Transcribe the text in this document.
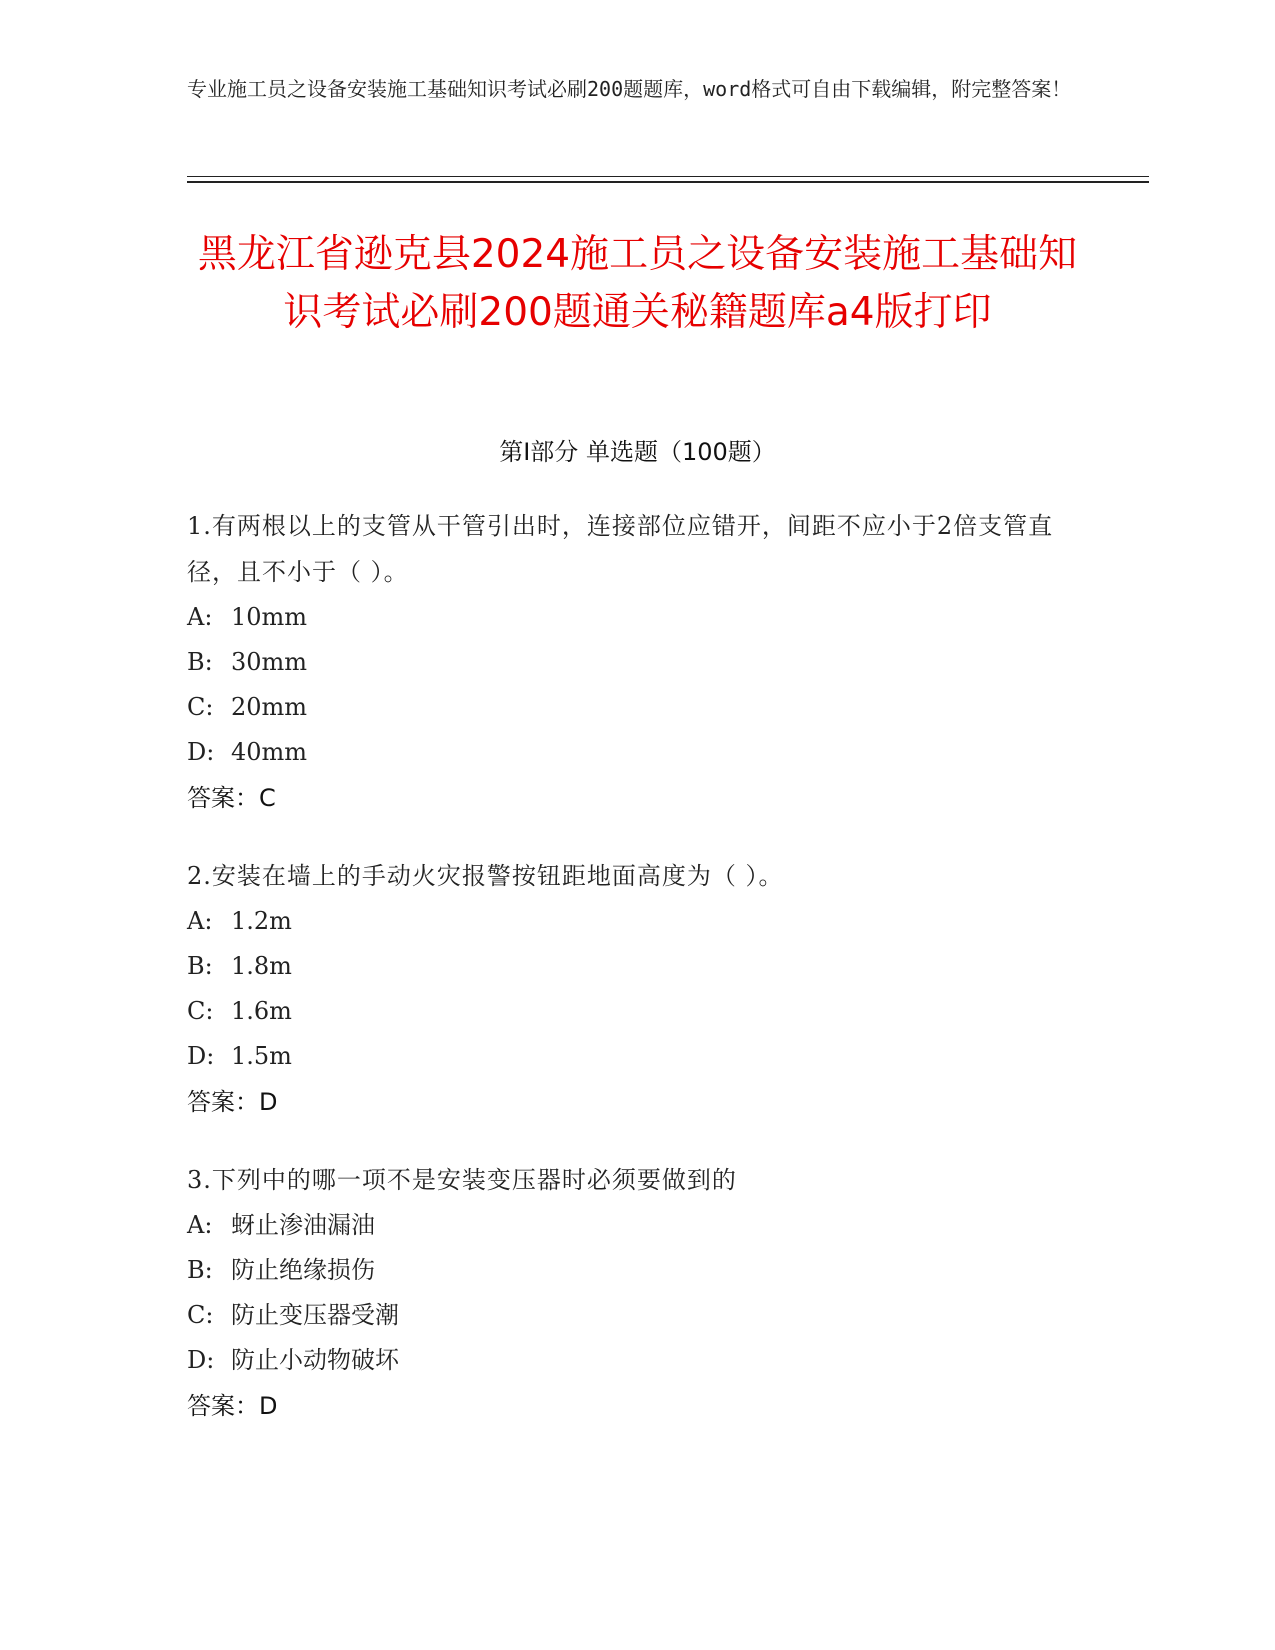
专业施工员之设备安装施工基础知识考试必刷200题题库，word格式可自由下载编辑，附完整答案！
黑龙江省逊克县2024施工员之设备安装施工基础知识考试必刷200题通关秘籍题库a4版打印
第I部分 单选题（100题）
1.有两根以上的支管从干管引出时，连接部位应错开，间距不应小于2倍支管直径，且不小于（ ）。
A: 10mm
B: 30mm
C: 20mm
D: 40mm
答案：C
2.安装在墙上的手动火灾报警按钮距地面高度为（ ）。
A: 1.2m
B: 1.8m
C: 1.6m
D: 1.5m
答案：D
3.下列中的哪一项不是安装变压器时必须要做到的
A: 蚜止渗油漏油
B: 防止绝缘损伤
C: 防止变压器受潮
D: 防止小动物破坏
答案：D
